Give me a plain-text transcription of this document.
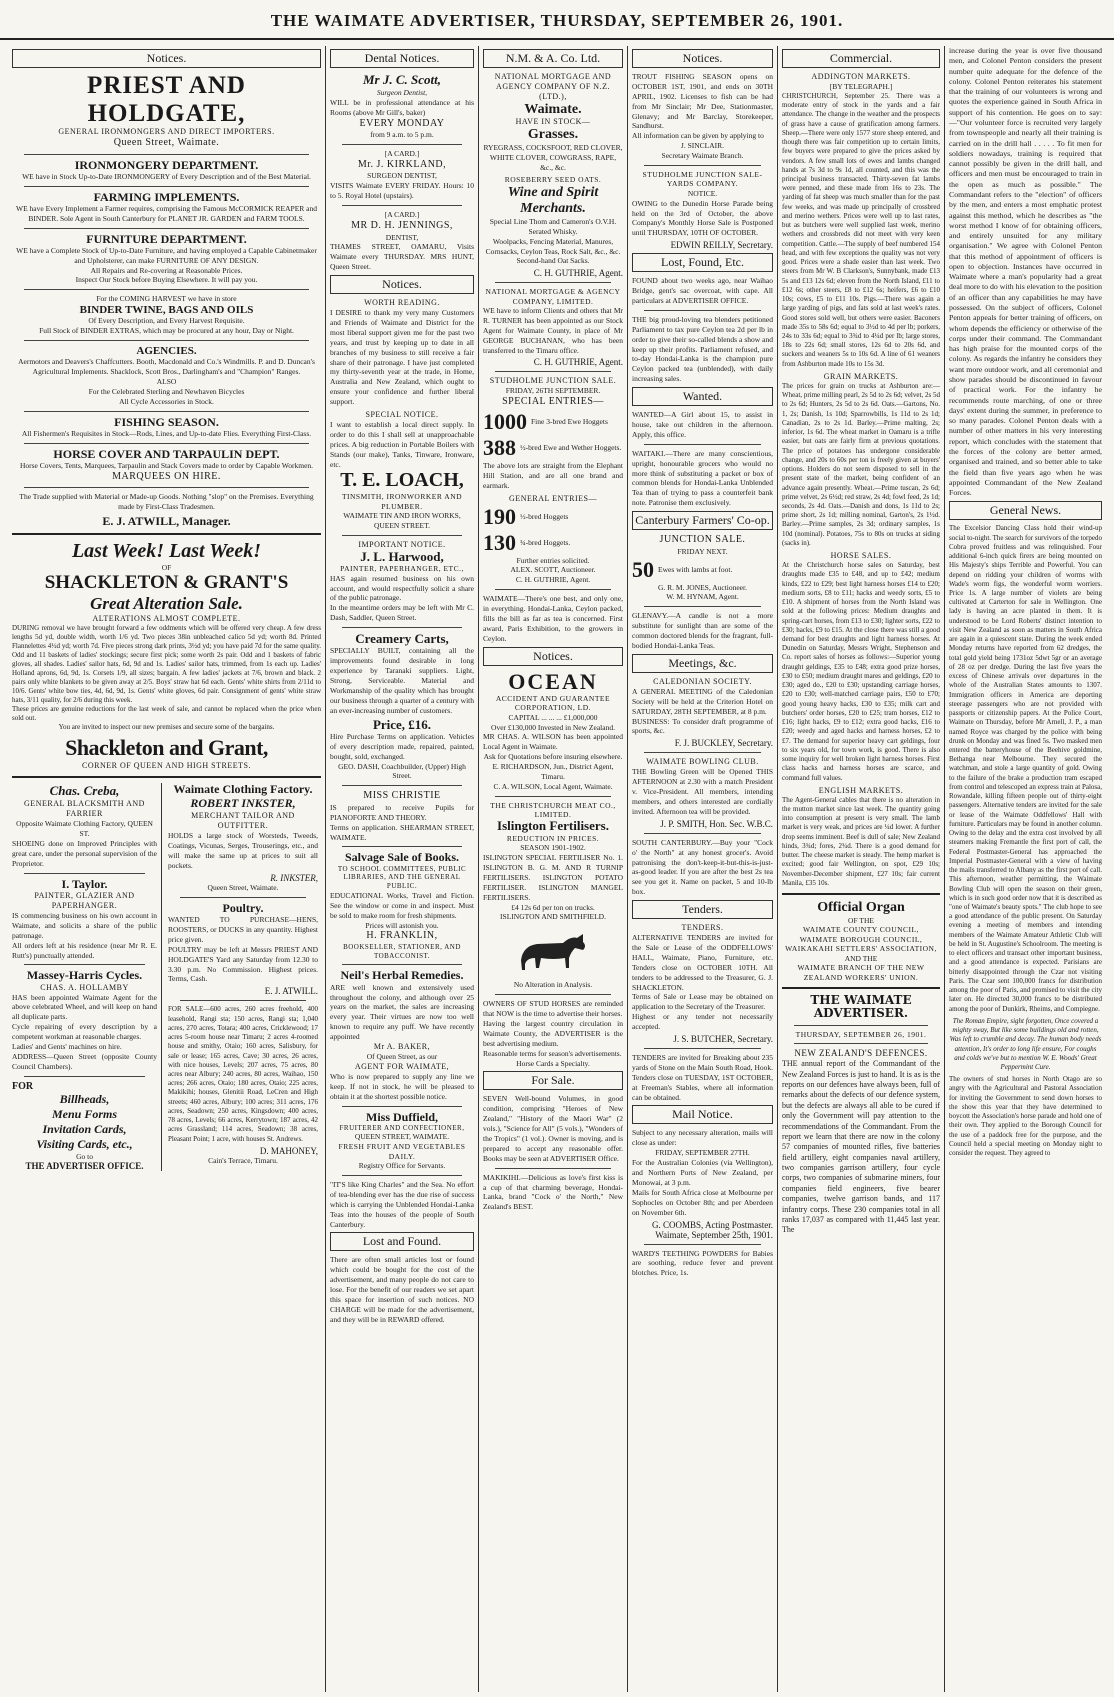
THE WAIMATE ADVERTISER, THURSDAY, SEPTEMBER 26, 1901.
Notices.
PRIEST AND HOLDGATE,
GENERAL IRONMONGERS AND DIRECT IMPORTERS.
Queen Street, Waimate.
IRONMONGERY DEPARTMENT.
WE have in Stock Up-to-Date IRONMONGERY of Every Description and of the Best Material.
FARMING IMPLEMENTS.
WE have Every Implement a Farmer requires, comprising the Famous McCORMICK REAPER and BINDER. Sole Agent in South Canterbury for PLANET JR. GARDEN and FARM TOOLS.
FURNITURE DEPARTMENT.
WE have a Complete Stock of Up-to-Date Furniture, and having employed a Capable Cabinetmaker and Upholsterer, can make FURNITURE OF ANY DESIGN.
All Repairs and Re-covering at Reasonable Prices.
Inspect Our Stock before Buying Elsewhere. It will pay you.
For the COMING HARVEST we have in store
BINDER TWINE, BAGS AND OILS
Of Every Description, and Every Harvest Requisite.
Full Stock of BINDER EXTRAS, which may be procured at any hour, Day or Night.
AGENCIES.
Aermotors and Deavers's Chaffcutters. Booth, Macdonald and Co.'s Windmills. P. and D. Duncan's Agricultural Implements. Shacklock, Scott Bros., Darlingham's and "Champion" Ranges.
ALSO
For the Celebrated Sterling and Newhaven Bicycles
All Cycle Accessories in Stock.
FISHING SEASON.
All Fishermen's Requisites in Stock—Rods, Lines, and Up-to-date Flies. Everything First-Class.
HORSE COVER AND TARPAULIN DEPT.
Horse Covers, Tents, Marquees, Tarpaulin and Stack Covers made to order by Capable Workmen.
MARQUEES ON HIRE.
The Trade supplied with Material or Made-up Goods. Nothing "slop" on the Premises. Everything made by First-Class Tradesmen.
E. J. ATWILL, Manager.
Last Week! Last Week!
OF
SHACKLETON & GRANT'S
Great Alteration Sale.
ALTERATIONS ALMOST COMPLETE.
DURING removal we have brought forward a few oddments which will be offered very cheap. A few dress lengths 5d yd, double width, worth 1/6 yd. Two pieces 38in unbleached calico 5d yd; worth 8d. Printed Flannelettes 4½d yd; worth 7d. Five pieces strong dark prints, 3½d yd; you have paid 7d for the same quality. Odd and 11 baskets of ladies' stockings; secure first pick; some worth 2s pair. Odd and 1 baskets of fabric gloves, all shades. Ladies' sailor hats, 6d, 9d and 1s. Ladies' sailor hats, trimmed, from 1s each up. Ladies' Holland aprons, 6d, 9d, 1s. Corsets 1/9, all sizes; bargain. A few ladies' jackets at 7/6, brown and black. 2 pairs only white blankets to be given away at 2/5. Boys' straw hat 6d each. Gents' white shirts from 2/11d to 10/6. Gents' white bow ties, 4d, 6d, 9d, 1s. Gents' white gloves, 6d pair. Consignment of gents' white straw hats, 3/11 quality, for 2/6 during this week.
These prices are genuine reductions for the last week of sale, and cannot be replaced when the price when sold out.
You are invited to inspect our new premises and secure some of the bargains.
Shackleton and Grant,
CORNER OF QUEEN AND HIGH STREETS.
Chas. Creba,
GENERAL BLACKSMITH AND FARRIER
Opposite Waimate Clothing Factory, QUEEN ST.
SHOEING done on Improved Principles with great care, under the personal supervision of the Proprietor.
I. Taylor.
PAINTER, GLAZIER AND PAPERHANGER.
IS commencing business on his own account in Waimate, and solicits a share of the public patronage.
All orders left at his residence (near Mr R. E. Rutt's) punctually attended.
Massey-Harris Cycles.
CHAS. A. HOLLAMBY
HAS been appointed Waimate Agent for the above celebrated Wheel, and will keep on hand all duplicate parts.
Cycle repairing of every description by a competent workman at reasonable charges.
Ladies' and Gents' machines on hire.
ADDRESS—Queen Street (opposite County Council Chambers).
FOR
Billheads,
Menu Forms
Invitation Cards,
Visiting Cards, etc.,
Go to
THE ADVERTISER OFFICE.
Waimate Clothing Factory.
ROBERT INKSTER,
MERCHANT TAILOR AND OUTFITTER.
HOLDS a large stock of Worsteds, Tweeds, Coatings, Vicunas, Serges, Trouserings, etc., and will make the same up at prices to suit all pockets.
R. INKSTER,
Queen Street, Waimate.
Poultry.
WANTED TO PURCHASE—HENS, ROOSTERS, or DUCKS in any quantity. Highest price given.
POULTRY may be left at Messrs PRIEST AND HOLDGATE'S Yard any Saturday from 12.30 to 3.30 p.m. No Commission. Highest prices. Terms, Cash.
E. J. ATWILL.
FOR SALE—600 acres, 260 acres freehold, 400 leasehold, Rangi sta; 150 acres, Rangi sta; 1,040 acres, 270 acres, Totara; 400 acres, Cricklewood; 17 acres 5-room house near Timaru; 2 acres 4-roomed house and smithy, Otaio; 160 acres, Salisbury, for sale or lease; 165 acres, Cave; 30 acres, 26 acres, with nice houses, Levels; 207 acres, 75 acres, 80 acres near Albury; 240 acres, 80 acres, Waihao, 150 acres; 266 acres, Otaio; 180 acres, Otaio; 225 acres, Makikihi; houses, Glenitii Road, LeCren and High streets; 460 acres, Albury; 100 acres; 311 acres, 176 acres, Seadown; 250 acres, Kingsdown; 400 acres, 78 acres, Levels; 66 acres, Kerrytown; 187 acres, 42 acres Grassland; 114 acres, Seadown; 38 acres, Pleasant Point; 1 acre, with houses St. Andrews.
D. MAHONEY,
Cain's Terrace, Timaru.
Dental Notices.
Mr J. C. Scott,
Surgeon Dentist,
WILL be in professional attendance at his Rooms (above Mr Gill's, baker)
EVERY MONDAY
from 9 a.m. to 5 p.m.
[A CARD.]
Mr. J. KIRKLAND,
SURGEON DENTIST,
VISITS Waimate EVERY FRIDAY. Hours: 10 to 5. Royal Hotel (upstairs).
[A CARD.]
MR D. H. JENNINGS,
DENTIST,
THAMES STREET, OAMARU, Visits Waimate every THURSDAY. MRS HUNT, Queen Street.
Notices.
WORTH READING.
I DESIRE to thank my very many Customers and Friends of Waimate and District for the most liberal support given me for the past two years, and trust by keeping up to date in all branches of my business to still receive a fair share of their patronage. I have just completed my thirty-seventh year at the trade, in Home, Australia and New Zealand, which ought to ensure your confidence and further liberal support.
SPECIAL NOTICE.
I want to establish a local direct supply. In order to do this I shall sell at unapproachable prices. A big reduction in Portable Boilers with Stands (our make), Tanks, Tinware, Ironware, etc.
T. E. LOACH,
TINSMITH, IRONWORKER AND PLUMBER.
WAIMATE TIN AND IRON WORKS, QUEEN STREET.
IMPORTANT NOTICE.
J. L. Harwood,
PAINTER, PAPERHANGER, ETC.,
HAS again resumed business on his own account, and would respectfully solicit a share of the public patronage.
In the meantime orders may be left with Mr C. Dash, Saddler, Queen Street.
Creamery Carts,
SPECIALLY BUILT, containing all the improvements found desirable in long experience by Taranaki suppliers. Light, Strong, Serviceable. Material and Workmanship of the quality which has brought our business through a quarter of a century with an ever-increasing number of customers.
Price, £16.
Hire Purchase Terms on application. Vehicles of every description made, repaired, painted, bought, sold, exchanged.
GEO. DASH, Coachbuilder, (Upper) High Street.
MISS CHRISTIE
IS prepared to receive Pupils for PIANOFORTE AND THEORY.
Terms on application. SHEARMAN STREET, WAIMATE.
Salvage Sale of Books.
TO SCHOOL COMMITTEES, PUBLIC LIBRARIES, AND THE GENERAL PUBLIC.
EDUCATIONAL Works, Travel and Fiction. See the window or come in and inspect. Must be sold to make room for fresh shipments.
Prices will astonish you.
H. FRANKLIN,
BOOKSELLER, STATIONER, AND TOBACCONIST.
Neil's Herbal Remedies.
ARE well known and extensively used throughout the colony, and although over 25 years on the market, the sales are increasing every year. Their virtues are now too well known to require any puff. We have recently appointed
Mr A. BAKER,
Of Queen Street, as our
AGENT FOR WAIMATE,
Who is now prepared to supply any line we keep. If not in stock, he will be pleased to obtain it at the shortest possible notice.
Miss Duffield,
FRUITERER AND CONFECTIONER,
QUEEN STREET, WAIMATE.
FRESH FRUIT AND VEGETABLES DAILY.
Registry Office for Servants.
"IT'S like King Charles" and the Sea. No effort of tea-blending ever has the due rise of success which is carrying the Unblended Hondai-Lanka Teas into the houses of the people of South Canterbury.
Lost and Found.
There are often small articles lost or found which could be bought for the cost of the advertisement, and many people do not care to lose. For the benefit of our readers we set apart this space for insertion of such notices. NO CHARGE will be made for the advertisement, and they will be in REWARD offered.
N.M. & A. Co. Ltd.
NATIONAL MORTGAGE AND AGENCY COMPANY OF N.Z. (LTD.),
Waimate.
HAVE IN STOCK—
Grasses.
RYEGRASS, COCKSFOOT, RED CLOVER, WHITE CLOVER, COWGRASS, RAPE, &c., &c.
ROSEBERRY SEED OATS.
Wine and Spirit Merchants.
Special Line Thom and Cameron's O.V.H. Serated Whisky.
Woolpacks, Fencing Material, Manures, Cornsacks, Ceylon Teas, Rock Salt, &c., &c.
Second-hand Oat Sacks.
C. H. GUTHRIE, Agent.
NATIONAL MORTGAGE & AGENCY COMPANY, LIMITED.
WE have to inform Clients and others that Mr R. TURNER has been appointed as our Stock Agent for Waimate County, in place of Mr GEORGE BUCHANAN, who has been transferred to the Timaru office.
C. H. GUTHRIE, Agent.
STUDHOLME JUNCTION SALE.
FRIDAY, 26TH SEPTEMBER.
SPECIAL ENTRIES—
1000 Fine 3-bred Ewe Hoggets
388 ½-bred Ewe and Wether Hoggets.
The above lots are straight from the Elephant Hill Station, and are all one brand and earmark.
GENERAL ENTRIES—
190 ½-bred Hoggets
130 ¾-bred Hoggets.
Further entries solicited.
ALEX. SCOTT, Auctioneer.
C. H. GUTHRIE, Agent.
WAIMATE—There's one best, and only one, in everything. Hondai-Lanka, Ceylon packed, fills the bill as far as tea is concerned. First award, Paris Exhibition, to the growers in Ceylon.
Notices.
OCEAN
ACCIDENT AND GUARANTEE CORPORATION, LD.
CAPITAL ... ... ... £1,000,000
Over £130,000 Invested in New Zealand.
MR CHAS. A. WILSON has been appointed Local Agent in Waimate.
Ask for Quotations before insuring elsewhere.
E. RICHARDSON, Jun., District Agent, Timaru.
C. A. WILSON, Local Agent, Waimate.
THE CHRISTCHURCH MEAT CO., LIMITED.
Islington Fertilisers.
REDUCTION IN PRICES.
SEASON 1901-1902.
ISLINGTON SPECIAL FERTILISER No. 1. ISLINGTON B. G. M. AND R TURNIP FERTILISERS. ISLINGTON POTATO FERTILISER. ISLINGTON MANGEL FERTILISERS.
£4 12s 6d per ton on trucks.
ISLINGTON AND SMITHFIELD.
No Alteration in Analysis.
OWNERS OF STUD HORSES are reminded that NOW is the time to advertise their horses.
Having the largest country circulation in Waimate County, the ADVERTISER is the best advertising medium.
Reasonable terms for season's advertisements.
Horse Cards a Specialty.
For Sale.
SEVEN Well-bound Volumes, in good condition, comprising "Heroes of New Zealand," "History of the Maori War" (2 vols.), "Science for All" (5 vols.), "Wonders of the Tropics" (1 vol.). Owner is moving, and is prepared to accept any reasonable offer. Books may be seen at ADVERTISER Office.
MAKIKIHI.—Delicious as love's first kiss is a cup of that charming beverage, Hondai-Lanka, brand "Cock o' the North," New Zealand's BEST.
Notices.
TROUT FISHING SEASON opens on OCTOBER 1ST, 1901, and ends on 30TH APRIL, 1902. Licenses to fish can be had from Mr Sinclair; Mr Dee, Stationmaster, Glenavy; and Mr Barclay, Storekeeper, Sandhurst.
All information can be given by applying to
J. SINCLAIR.
Secretary Waimate Branch.
STUDHOLME JUNCTION SALE-YARDS COMPANY.
NOTICE.
OWING to the Dunedin Horse Parade being held on the 3rd of October, the above Company's Monthly Horse Sale is Postponed until THURSDAY, 10TH OF OCTOBER.
EDWIN REILLY, Secretary.
Lost, Found, Etc.
FOUND about two weeks ago, near Waihao Bridge, gent's sac overcoat, with cape. All particulars at ADVERTISER OFFICE.
THE big proud-loving tea blenders petitioned Parliament to tax pure Ceylon tea 2d per lb in order to give their so-called blends a show and keep up their profits. Parliament refused, and to-day Hondai-Lanka is the champion pure Ceylon packed tea (unblended), with daily increasing sales.
Wanted.
WANTED—A Girl about 15, to assist in house, take out children in the afternoon. Apply, this office.
WAITAKI.—There are many conscientious, upright, honourable grocers who would no more think of substituting a packet or box of common blends for Hondai-Lanka Unblended Tea than of trying to pass a counterfeit bank note. Patronise them exclusively.
Canterbury Farmers' Co-op.
JUNCTION SALE.
FRIDAY NEXT.
50 Ewes with lambs at foot.
G. R. M. JONES, Auctioneer.
W. M. HYNAM, Agent.
GLENAVY.—A candle is not a more substitute for sunlight than are some of the common doctored blends for the fragrant, full-bodied Hondai-Lanka Teas.
Meetings, &c.
CALEDONIAN SOCIETY.
A GENERAL MEETING of the Caledonian Society will be held at the Criterion Hotel on SATURDAY, 28TH SEPTEMBER, at 8 p.m.
BUSINESS: To consider draft programme of sports, &c.
F. J. BUCKLEY, Secretary.
WAIMATE BOWLING CLUB.
THE Bowling Green will be Opened THIS AFTERNOON at 2.30 with a match President v. Vice-President. All members, intending members, and others interested are cordially invited. Afternoon tea will be provided.
J. P. SMITH, Hon. Sec. W.B.C.
SOUTH CANTERBURY.—Buy your "Cock o' the North" at any honest grocer's. Avoid patronising the don't-keep-it-but-this-is-just-as-good leader. If you are after the best 2s tea see you get it. Name on packet, 5 and 10-lb box.
Tenders.
TENDERS.
ALTERNATIVE TENDERS are invited for the Sale or Lease of the ODDFELLOWS' HALL, Waimate, Piano, Furniture, etc. Tenders close on OCTOBER 10TH. All tenders to be addressed to the Treasurer, G. J. SHACKLETON.
Terms of Sale or Lease may be obtained on application to the Secretary of the Treasurer.
Highest or any tender not necessarily accepted.
J. S. BUTCHER, Secretary.
TENDERS are invited for Breaking about 235 yards of Stone on the Main South Road, Hook. Tenders close on TUESDAY, 1ST OCTOBER, at Freeman's Stables, where all information can be obtained.
Mail Notice.
Subject to any necessary alteration, mails will close as under:
FRIDAY, SEPTEMBER 27TH.
For the Australian Colonies (via Wellington), and Northern Ports of New Zealand, per Monowai, at 3 p.m.
Mails for South Africa close at Melbourne per Sophocles on October 8th; and per Aberdeen on November 6th.
G. COOMBS, Acting Postmaster. Waimate, September 25th, 1901.
WARD'S TEETHING POWDERS for Babies are soothing, reduce fever and prevent blotches. Price, 1s.
Commercial.
ADDINGTON MARKETS.
[BY TELEGRAPH.]
CHRISTCHURCH, September 25. There was a moderate entry of stock in the yards and a fair attendance. The change in the weather and the prospects of grass have a cause of gratification among farmers. Sheep.—There were only 1577 store sheep entered, and though there was fair competition up to certain limits, few buyers were prepared to give the prices asked by vendors. A few small lots of ewes and lambs changed hands at 7s 3d to 9s 1d, all counted, and this was the principal business transacted. Thirty-seven fat lambs were penned, and these made from 16s to 23s. The yarding of fat sheep was much smaller than for the past few weeks, and was made up principally of crossbred and merino wethers. Prices were well up to last rates, but as butchers were well supplied last week, merino wethers and crossbreds did not meet with very keen competition. Cattle.—The supply of beef numbered 154 head, and with few exceptions the quality was not very good. Prices were a shade easier than last week. Two steers from Mr W. B Clarkson's, Sunnybank, made £13 5s and £13 12s 6d; eleven from the North Island, £11 to £12 6s; other steers, £8 to £12 6s; heifers, £6 to £10 10s; cows, £5 to £11 10s. Pigs.—There was again a large yarding of pigs, and fats sold at last week's rates. Good stores sold well, but others were easier. Baconers made 35s to 58s 6d; equal to 3½d to 4d per lb; porkers, 24s to 33s 6d; equal to 3¾d to 4¼d per lb; large stores, 18s to 22s 6d; small stores, 12s 6d to 20s 6d, and suckers and weaners 5s to 10s 6d. A line of 61 weaners from Ashburton made 10s to 15s 3d.
GRAIN MARKETS.
The prices for grain on trucks at Ashburton are:—Wheat, prime milling pearl, 2s 5d to 2s 6d; velvet, 2s 5d to 2s 6d; Hunters, 2s 5d to 2s 6d. Oats.—Gartons, No. 1, 2s; Danish, 1s 10d; Sparrowbills, 1s 11d to 2s 1d; Canadian, 2s to 2s 1d. Barley.—Prime malting, 2s; inferior, 1s 6d. The wheat market in Oamaru is a trifle easier, but oats are fairly firm at previous quotations. The price of potatoes has undergone considerable change, and 20s to 60s per ton is freely given at buyers' options. Holders do not seem disposed to sell in the present state of the market, being confident of an advance again presently. Wheat.—Prime tuscan, 2s 6d; prime velvet, 2s 6½d; red straw, 2s 4d; fowl feed, 2s 1d; seconds, 2s 4d. Oats.—Danish and dons, 1s 11d to 2s; prime short, 2s 1d; milling nominal, Garton's, 2s 1½d. Barley.—Prime samples, 2s 3d; ordinary samples, 1s 10d (nominal). Potatoes, 75s to 80s on trucks at siding (sacks in).
HORSE SALES.
At the Christchurch horse sales on Saturday, best draughts made £35 to £48, and up to £42; medium kinds, £22 to £29; best light harness horses £14 to £20; medium sorts, £8 to £11; hacks and weedy sorts, £5 to £10. A shipment of horses from the North Island was sold at the following prices: Medium draughts and spring-cart horses, from £13 to £30; lighter sorts, £22 to £30; hacks, £9 to £15. At the close there was still a good demand for best draughts and light harness horses. At Dunedin on Saturday, Messrs Wright, Stephenson and Co. report sales of horses as follows:—Superior young draught geldings, £35 to £48; extra good prize horses, £30 to £50; medium draught mares and geldings, £20 to £30; aged do., £20 to £30; upstanding carriage horses, £20 to £30; well-matched carriage pairs, £50 to £70; good young heavy hacks, £30 to £35; milk cart and butchers' order horses, £20 to £25; tram horses, £12 to £16; light hacks, £9 to £12; extra good hacks, £16 to £20; weedy and aged hacks and harness horses, £2 to £7. The demand for superior heavy cart geldings, four to six years old, for town work, is good. There is also some inquiry for well broken light harness horses. First class hacks and harness horses are scarce, and command full values.
ENGLISH MARKETS.
The Agent-General cables that there is no alteration in the mutton market since last week. The quantity going into consumption at present is very small. The lamb market is very weak, and prices are ¼d lower. A further drop seems imminent. Beef is dull of sale; New Zealand hinds, 3¾d; fores, 2¾d. There is a good demand for butter. The cheese market is steady. The hemp market is excited; good fair Wellington, on spot, £29 10s; November-December shipment, £27 10s; fair current Manila, £35 10s.
Official Organ
OF THE
WAIMATE COUNTY COUNCIL,
WAIMATE BOROUGH COUNCIL,
WAIKAKAHI SETTLERS' ASSOCIATION,
AND THE
WAIMATE BRANCH OF THE NEW ZEALAND WORKERS' UNION.
THE WAIMATE ADVERTISER.
THURSDAY, SEPTEMBER 26, 1901.
NEW ZEALAND'S DEFENCES.
THE annual report of the Commandant of the New Zealand Forces is just to hand. It is as is the reports on our defences have always been, full of remarks about the defects of our defence system, but the defects are always all able to be cured if only the Government will pay attention to the recommendations of the Commandant. From the report we learn that there are now in the colony 57 companies of mounted rifles, five batteries field artillery, eight companies naval artillery, two companies garrison artillery, four cycle corps, two companies of submarine miners, four companies field engineers, five bearer companies, twelve garrison bands, and 117 infantry corps. These 230 companies total in all ranks 17,037 as compared with 11,445 last year. The
increase during the year is over five thousand men, and Colonel Penton considers the present number quite adequate for the defence of the colony. Colonel Penton reiterates his statement that the training of our volunteers is wrong and quotes the experience gained in South Africa in support of his contention. He goes on to say:—"Our volunteer force is recruited very largely from townspeople and nearly all their training is carried on in the drill hall . . . . . To fit men for soldiers nowadays, training is required that cannot possibly be given in the drill hall, and officers and men must be encouraged to train in the open as much as possible." The Commandant refers to the "election" of officers by the men, and enters a most emphatic protest against this method, which he describes as "the worst method I know of for obtaining officers, and entirely unsuited for any military organisation." We agree with Colonel Penton that this method of appointment of officers is open to objection. Instances have occurred in Waimate where a man's popularity had a great deal more to do with his elevation to the position of an officer than any capabilities he may have possessed. On the subject of officers, Colonel Penton appeals for better training of officers, on whom depends the efficiency or otherwise of the corps under their command. The Commandant has high praise for the mounted corps of the colony. As regards the infantry he considers they want more outdoor work, and all ceremonial and show parades should be discontinued in favour of practical work. For the infantry he recommends route marching, of one or three days' extent during the summer, in preference to so many parades. Colonel Penton deals with a number of other matters in his very interesting report, which concludes with the statement that the forces of the colony are better armed, organised and trained, and so better able to take the field than five years ago when he was appointed Commandant of the New Zealand Forces.
General News.
The Excelsior Dancing Class hold their wind-up social to-night. The search for survivors of the torpedo Cobra proved fruitless and was relinquished. Four additional 6-inch quick firers are being mounted on His Majesty's ships Terrible and Powerful. You can depend on ridding your children of worms with Wade's worm figs, the wonderful worm worriers. Price 1s. A large number of violets are being cultivated at Carterton for sale in Wellington. One lady is having an acre planted in them. It is understood to be Lord Roberts' distinct intention to visit New Zealand as soon as matters in South Africa are again in a quiescent state. During the week ended Monday returns have reported from 62 dredges, the total gold yield being 1731oz 5dwt 5gr or an average of 28 oz per dredge. During the last five years the excess of Chinese arrivals over departures in the whole of the Australian States amounts to 1307. Immigration officers in America are deporting steerage passengers who are not provided with passports or citizenship papers. At the Police Court, Waimate on Thursday, before Mr Arnell, J. P., a man named Royce was charged by the police with being drunk on Monday and was fined 5s. Two masked men entered the batteryhouse of the Beehive goldmine, Bethanga near Melbourne. They secured the watchman, and stole a large quantity of gold. Owing to the failure of the brake a production tram escaped from control and telescoped an express train at Palosa, Rowandale, killing fifteen people out of thirty-eight passengers. Alternative tenders are invited for the sale or lease of the Waimate Oddfellows' Hall with furniture. Particulars may be found in another column. Owing to the delay and the extra cost involved by all steamers making Fremantle the first port of call, the Federal Postmaster-General has approached the Imperial Postmaster-General with a view of having the mails transferred to Albany as the first port of call. This afternoon, weather permitting, the Waimate Bowling Club will open the season on their green, which is in such good order now that it is described as "one of Waimate's beauty spots." The club hope to see a good attendance of the public present. On Saturday evening a meeting of members and intending members of the Waimate Amateur Athletic Club will be held in St. Augustine's Schoolroom. The meeting is to elect officers and transact other important business, and a good attendance is expected. Parisians are bitterly disappointed through the Czar not visiting Paris. The Czar sent 100,000 francs for distribution among the poor of Paris, and promised to visit the city later on. He directed 30,000 francs to be distributed among the poor of Dunkirk, Rheims, and Compiegne.
The Roman Empire, sight forgotten, Once covered a mighty sway, But like some buildings old and rotten, Was left to crumble and decay. The human body needs attention, It's order to long life ensure, For coughs and colds we've but to mention W. E. Woods' Great Peppermint Cure.
The owners of stud horses in North Otago are so angry with the Agricultural and Pastoral Association for inviting the Government to send down horses to the show this year that they have determined to boycott the Association's horse parade and hold one of their own. They applied to the Borough Council for the use of a paddock free for the purpose, and the Council held a special meeting on Monday night to consider the request. They agreed to
